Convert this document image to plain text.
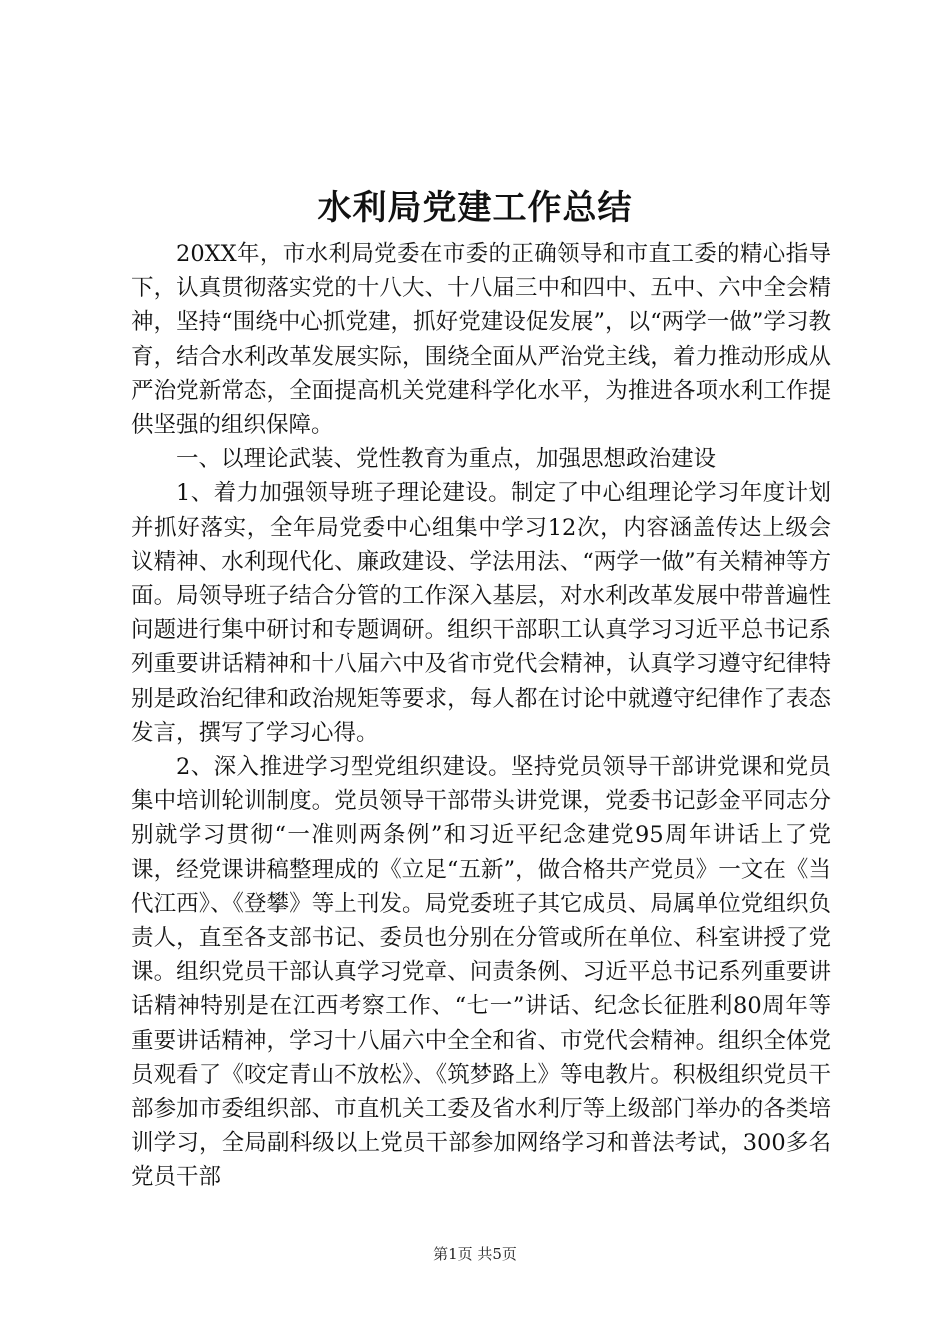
水利局党建工作总结

20XX年，市水利局党委在市委的正确领导和市直工委的精心指导下，认真贯彻落实党的十八大、十八届三中和四中、五中、六中全会精神，坚持“围绕中心抓党建，抓好党建设促发展”，以“两学一做”学习教育，结合水利改革发展实际，围绕全面从严治党主线，着力推动形成从严治党新常态，全面提高机关党建科学化水平，为推进各项水利工作提供坚强的组织保障。

一、以理论武装、党性教育为重点，加强思想政治建设

1、着力加强领导班子理论建设。制定了中心组理论学习年度计划并抓好落实，全年局党委中心组集中学习12次，内容涵盖传达上级会议精神、水利现代化、廉政建设、学法用法、“两学一做”有关精神等方面。局领导班子结合分管的工作深入基层，对水利改革发展中带普遍性问题进行集中研讨和专题调研。组织干部职工认真学习习近平总书记系列重要讲话精神和十八届六中及省市党代会精神，认真学习遵守纪律特别是政治纪律和政治规矩等要求，每人都在讨论中就遵守纪律作了表态发言，撰写了学习心得。

2、深入推进学习型党组织建设。坚持党员领导干部讲党课和党员集中培训轮训制度。党员领导干部带头讲党课，党委书记彭金平同志分别就学习贯彻“一准则两条例”和习近平纪念建党95周年讲话上了党课，经党课讲稿整理成的《立足“五新”，做合格共产党员》一文在《当代江西》、《登攀》等上刊发。局党委班子其它成员、局属单位党组织负责人，直至各支部书记、委员也分别在分管或所在单位、科室讲授了党课。组织党员干部认真学习党章、问责条例、习近平总书记系列重要讲话精神特别是在江西考察工作、“七一”讲话、纪念长征胜利80周年等重要讲话精神，学习十八届六中全全和省、市党代会精神。组织全体党员观看了《咬定青山不放松》、《筑梦路上》等电教片。积极组织党员干部参加市委组织部、市直机关工委及省水利厅等上级部门举办的各类培训学习，全局副科级以上党员干部参加网络学习和普法考试，300多名党员干部

第1页 共5页
